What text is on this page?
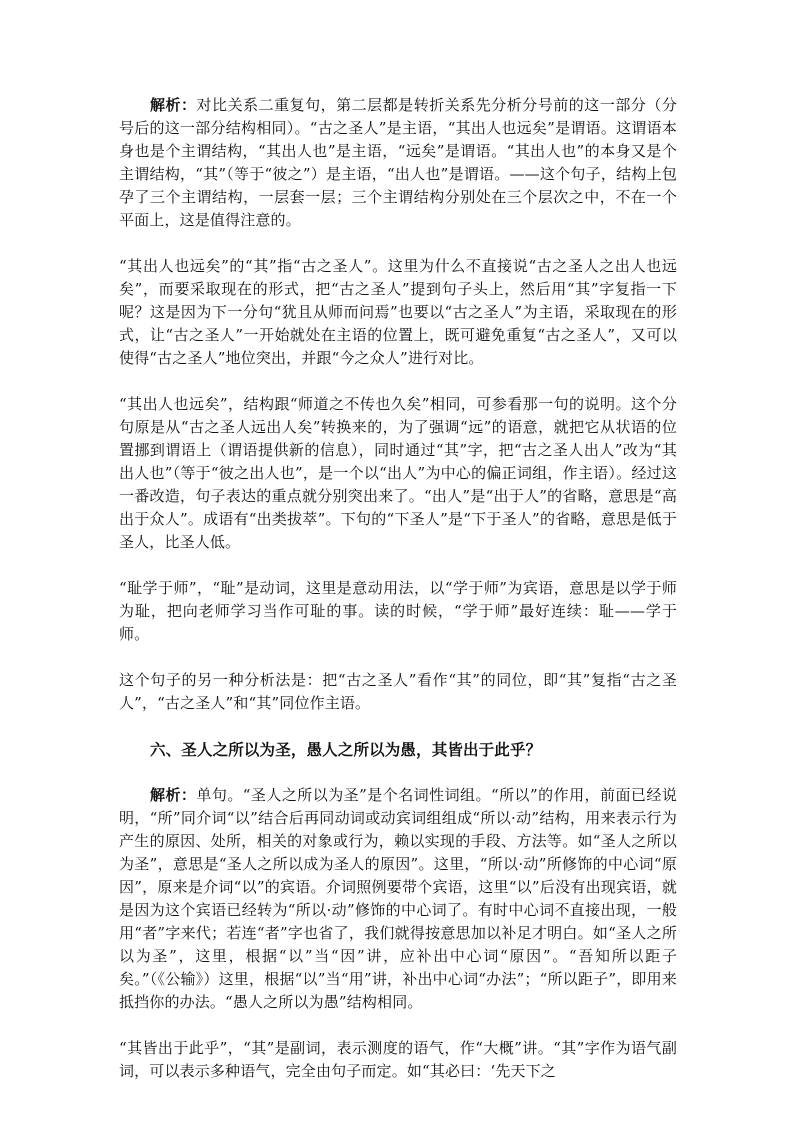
解析：对比关系二重复句，第二层都是转折关系先分析分号前的这一部分（分号后的这一部分结构相同）。“古之圣人”是主语，“其出人也远矣”是谓语。这谓语本身也是个主谓结构，“其出人也”是主语，“远矣”是谓语。“其出人也”的本身又是个主谓结构，“其”（等于“彼之”）是主语，“出人也”是谓语。——这个句子，结构上包孕了三个主谓结构，一层套一层；三个主谓结构分别处在三个层次之中，不在一个平面上，这是值得注意的。

“其出人也远矣”的“其”指“古之圣人”。这里为什么不直接说“古之圣人之出人也远矣”，而要采取现在的形式，把“古之圣人”提到句子头上，然后用“其”字复指一下呢？这是因为下一分句“犹且从师而问焉”也要以“古之圣人”为主语，采取现在的形式，让“古之圣人”一开始就处在主语的位置上，既可避免重复“古之圣人”，又可以使得“古之圣人”地位突出，并跟“今之众人”进行对比。

“其出人也远矣”，结构跟“师道之不传也久矣”相同，可参看那一句的说明。这个分句原是从“古之圣人远出人矣”转换来的，为了强调“远”的语意，就把它从状语的位置挪到谓语上（谓语提供新的信息），同时通过“其”字，把“古之圣人出人”改为“其出人也”（等于“彼之出人也”，是一个以“出人”为中心的偏正词组，作主语）。经过这一番改造，句子表达的重点就分别突出来了。“出人”是“出于人”的省略，意思是“高出于众人”。成语有“出类拔萃”。下句的“下圣人”是“下于圣人”的省略，意思是低于圣人，比圣人低。

“耻学于师”，“耻”是动词，这里是意动用法，以“学于师”为宾语，意思是以学于师为耻，把向老师学习当作可耻的事。读的时候，“学于师”最好连续：耻——学于师。

这个句子的另一种分析法是：把“古之圣人”看作“其”的同位，即“其”复指“古之圣人”，“古之圣人”和“其”同位作主语。

六、圣人之所以为圣，愚人之所以为愚，其皆出于此乎？

解析：单句。“圣人之所以为圣”是个名词性词组。“所以”的作用，前面已经说明，“所”同介词“以”结合后再同动词或动宾词组组成“所以·动”结构，用来表示行为产生的原因、处所，相关的对象或行为，赖以实现的手段、方法等。如“圣人之所以为圣”，意思是“圣人之所以成为圣人的原因”。这里，“所以·动”所修饰的中心词“原因”，原来是介词“以”的宾语。介词照例要带个宾语，这里“以”后没有出现宾语，就是因为这个宾语已经转为“所以·动”修饰的中心词了。有时中心词不直接出现，一般用“者”字来代；若连“者”字也省了，我们就得按意思加以补足才明白。如“圣人之所以为圣”，这里，根据“以”当“因”讲，应补出中心词“原因”。“吾知所以距子矣。”（《公输》）这里，根据“以”当“用”讲，补出中心词“办法”；“所以距子”，即用来抵挡你的办法。“愚人之所以为愚”结构相同。

“其皆出于此乎”，“其”是副词，表示测度的语气，作“大概”讲。“其”字作为语气副词，可以表示多种语气，完全由句子而定。如“其必曰：‘先天下之
